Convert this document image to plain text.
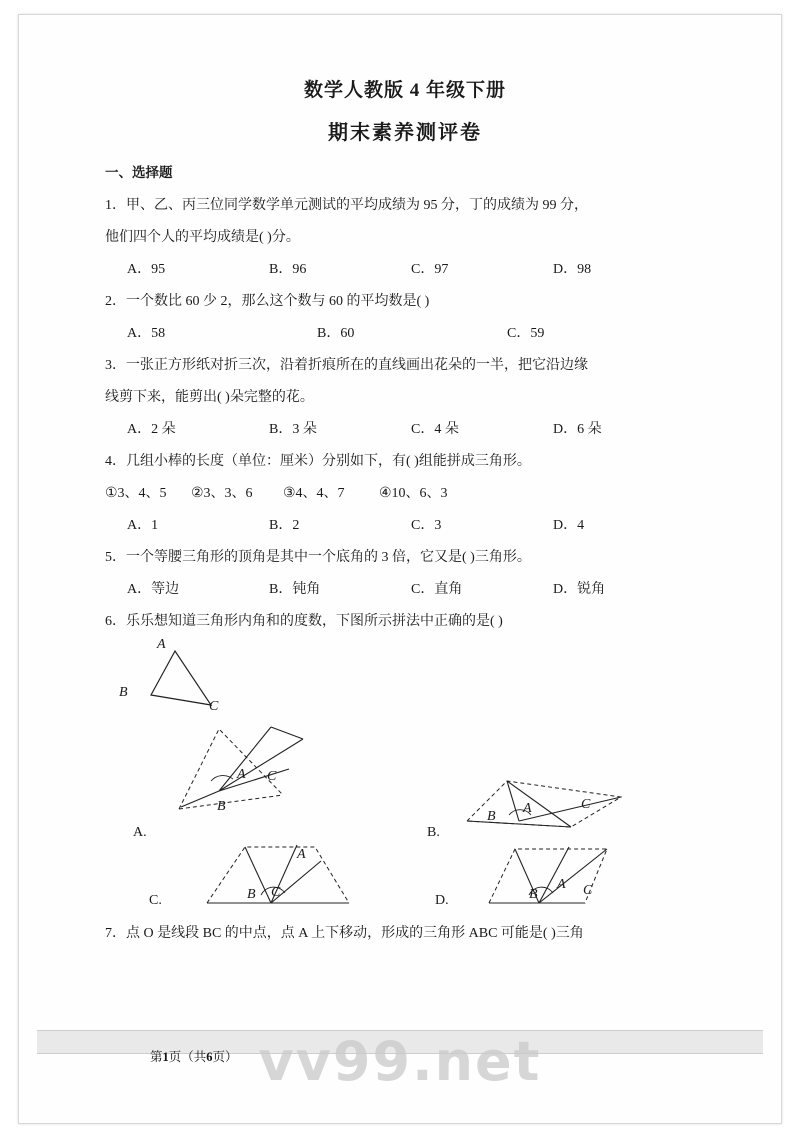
数学人教版 4 年级下册
期末素养测评卷
一、选择题
1．甲、乙、丙三位同学数学单元测试的平均成绩为 95 分，丁的成绩为 99 分，
他们四个人的平均成绩是( )分。
A．95	B．96	C．97	D．98
2．一个数比 60 少 2，那么这个数与 60 的平均数是( )
A．58	B．60	C．59
3．一张正方形纸对折三次，沿着折痕所在的直线画出花朵的一半，把它沿边缘
线剪下来，能剪出( )朵完整的花。
A．2 朵	B．3 朵	C．4 朵	D．6 朵
4．几组小棒的长度（单位：厘米）分别如下，有( )组能拼成三角形。
①3、4、5	②3、3、6	③4、4、7	④10、6、3
A．1	B．2	C．3	D．4
5．一个等腰三角形的顶角是其中一个底角的 3 倍，它又是( )三角形。
A．等边	B．钝角	C．直角	D．锐角
6．乐乐想知道三角形内角和的度数，下图所示拼法中正确的是( )
A
B
C
A
B
C
A.
B
A	C
B.
B
A
C
C.	B
A C
D.
7．点 O 是线段 BC 的中点，点 A 上下移动，形成的三角形 ABC 可能是( )三角
第1页（共6页） vv99.net
